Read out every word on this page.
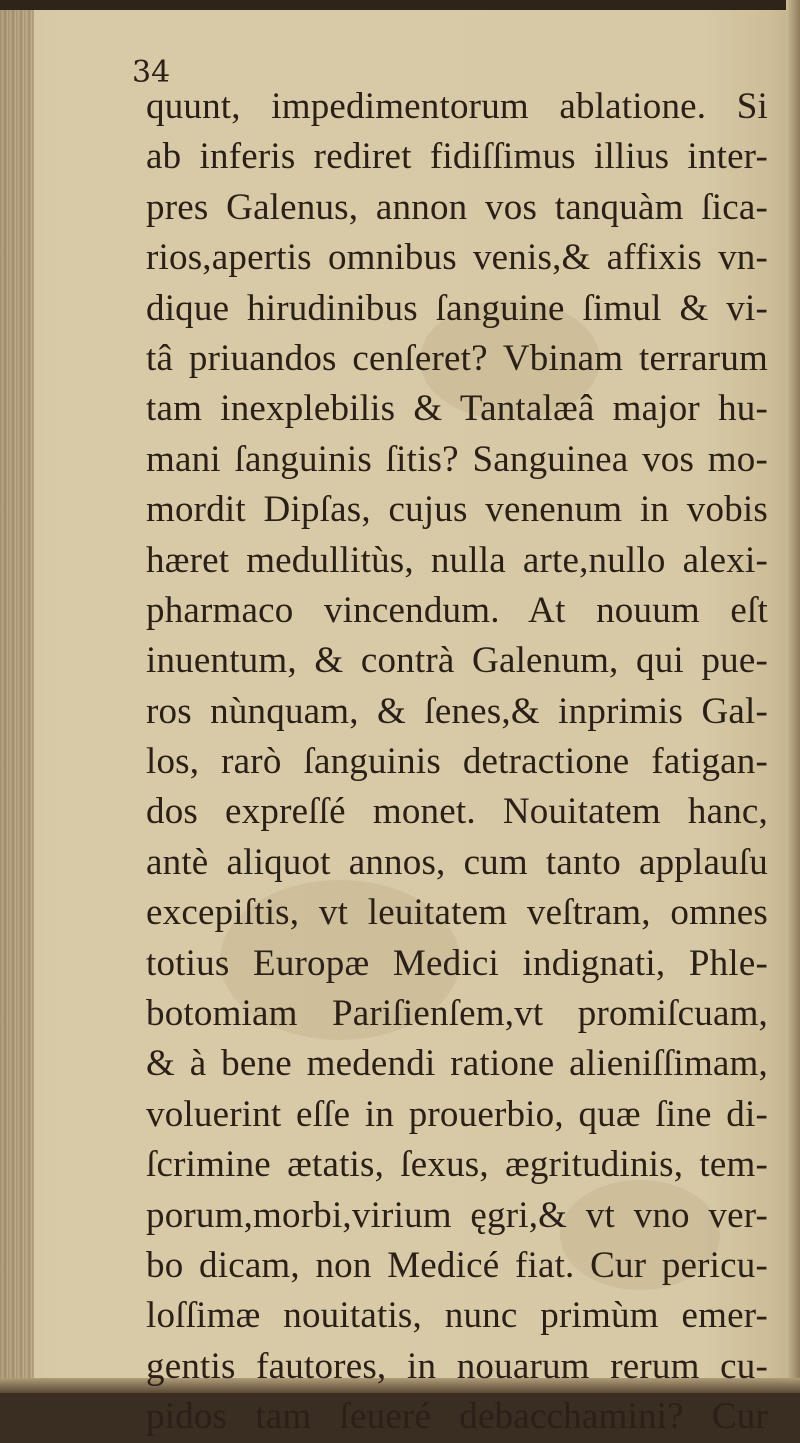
34
quunt, impedimentorum ablatione. Si
ab inferis rediret fidiſſimus illius inter-
pres Galenus, annon vos tanquàm ſica-
rios,apertis omnibus venis,& affixis vn-
dique hirudinibus ſanguine ſimul & vi-
tâ priuandos cenſeret? Vbinam terrarum
tam inexplebilis & Tantalæâ major hu-
mani ſanguinis ſitis? Sanguinea vos mo-
mordit Dipſas, cujus venenum in vobis
hæret medullitùs, nulla arte,nullo alexi-
pharmaco vincendum. At nouum eſt
inuentum, & contrà Galenum, qui pue-
ros nùnquam, & ſenes,& inprimis Gal-
los, rarò ſanguinis detractione fatigan-
dos expreſſé monet. Nouitatem hanc,
antè aliquot annos, cum tanto applauſu
excepiſtis, vt leuitatem veſtram, omnes
totius Europæ Medici indignati, Phle-
botomiam Pariſienſem,vt promiſcuam,
& à bene medendi ratione alieniſſimam,
voluerint eſſe in prouerbio, quæ ſine di-
ſcrimine ætatis, ſexus, ægritudinis, tem-
porum,morbi,virium ęgri,& vt vno ver-
bo dicam, non Medicé fiat. Cur pericu-
loſſimæ nouitatis, nunc primùm emer-
gentis fautores, in nouarum rerum cu-
pidos tam ſeueré debacchamini? Cur
